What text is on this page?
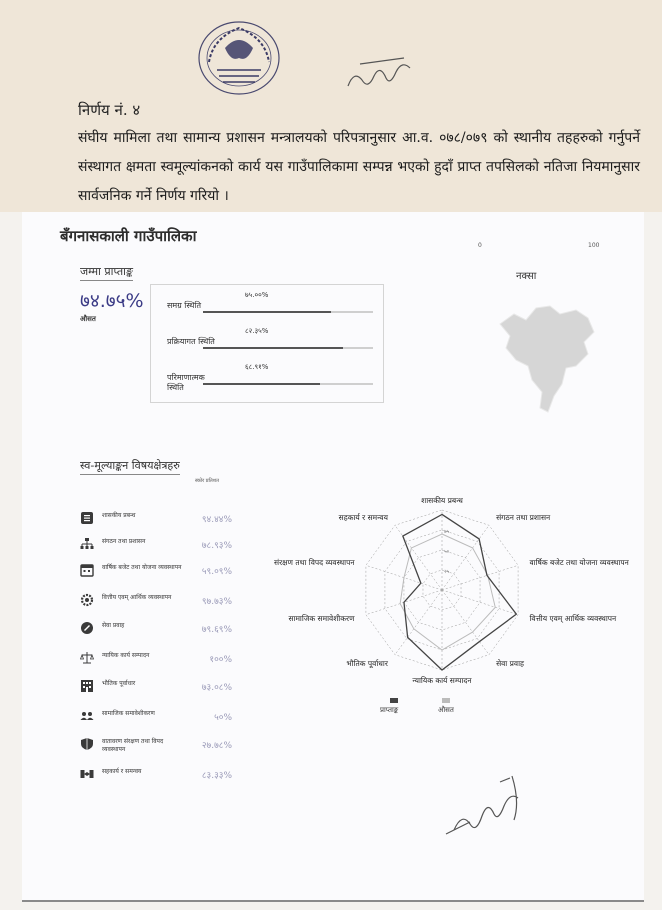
निर्णय नं. ४

संघीय मामिला तथा सामान्य प्रशासन मन्त्रालयको परिपत्रानुसार आ.व. ०७८/०७९ को स्थानीय तहहरुको गर्नुपर्ने संस्थागत क्षमता स्वमूल्यांकनको कार्य यस गाउँपालिकामा सम्पन्न भएको हुदाँ प्राप्त तपसिलको नतिजा नियमानुसार सार्वजनिक गर्ने निर्णय गरियो ।

बँगनासकाली गाउँपालिका
0	100
जम्मा प्राप्ताङ्क
७४.७५%
औसत
७५.००%
समग्र स्थिति
८२.३५%
प्रक्रियागत स्थिति
६८.९१%
परिमाणात्मक स्थिति
नक्सा
स्व-मूल्याङ्कन विषयक्षेत्रहरु
स्कोर प्रतिशत
शासकीय प्रबन्ध	९४.४४%
संगठन तथा प्रशासन	७८.९३%
वार्षिक बजेट तथा योजना व्यवस्थापन	५९.०९%
वित्तीय एवम् आर्थिक व्यवस्थापन	९७.७३%
सेवा प्रवाह	७९.६९%
न्यायिक कार्य सम्पादन	१००%
भौतिक पूर्वाधार	७३.०८%
सामाजिक समावेशीकरण	५०%
वातावरण संरक्षण तथा विपद व्यवस्थापन	२७.७८%
सहकार्य र समन्वय	८३.३३%
२५
५०
७५
शासकीय प्रबन्ध
संगठन तथा प्रशासन
वार्षिक बजेट तथा योजना व्यवस्थापन
वित्तीय एवम् आर्थिक व्यवस्थापन
सेवा प्रवाह
न्यायिक कार्य सम्पादन
भौतिक पूर्वाधार
सामाजिक समावेशीकरण
संरक्षण तथा विपद व्यवस्थापन
सहकार्य र समन्वय
प्राप्ताङ्क	औसत
